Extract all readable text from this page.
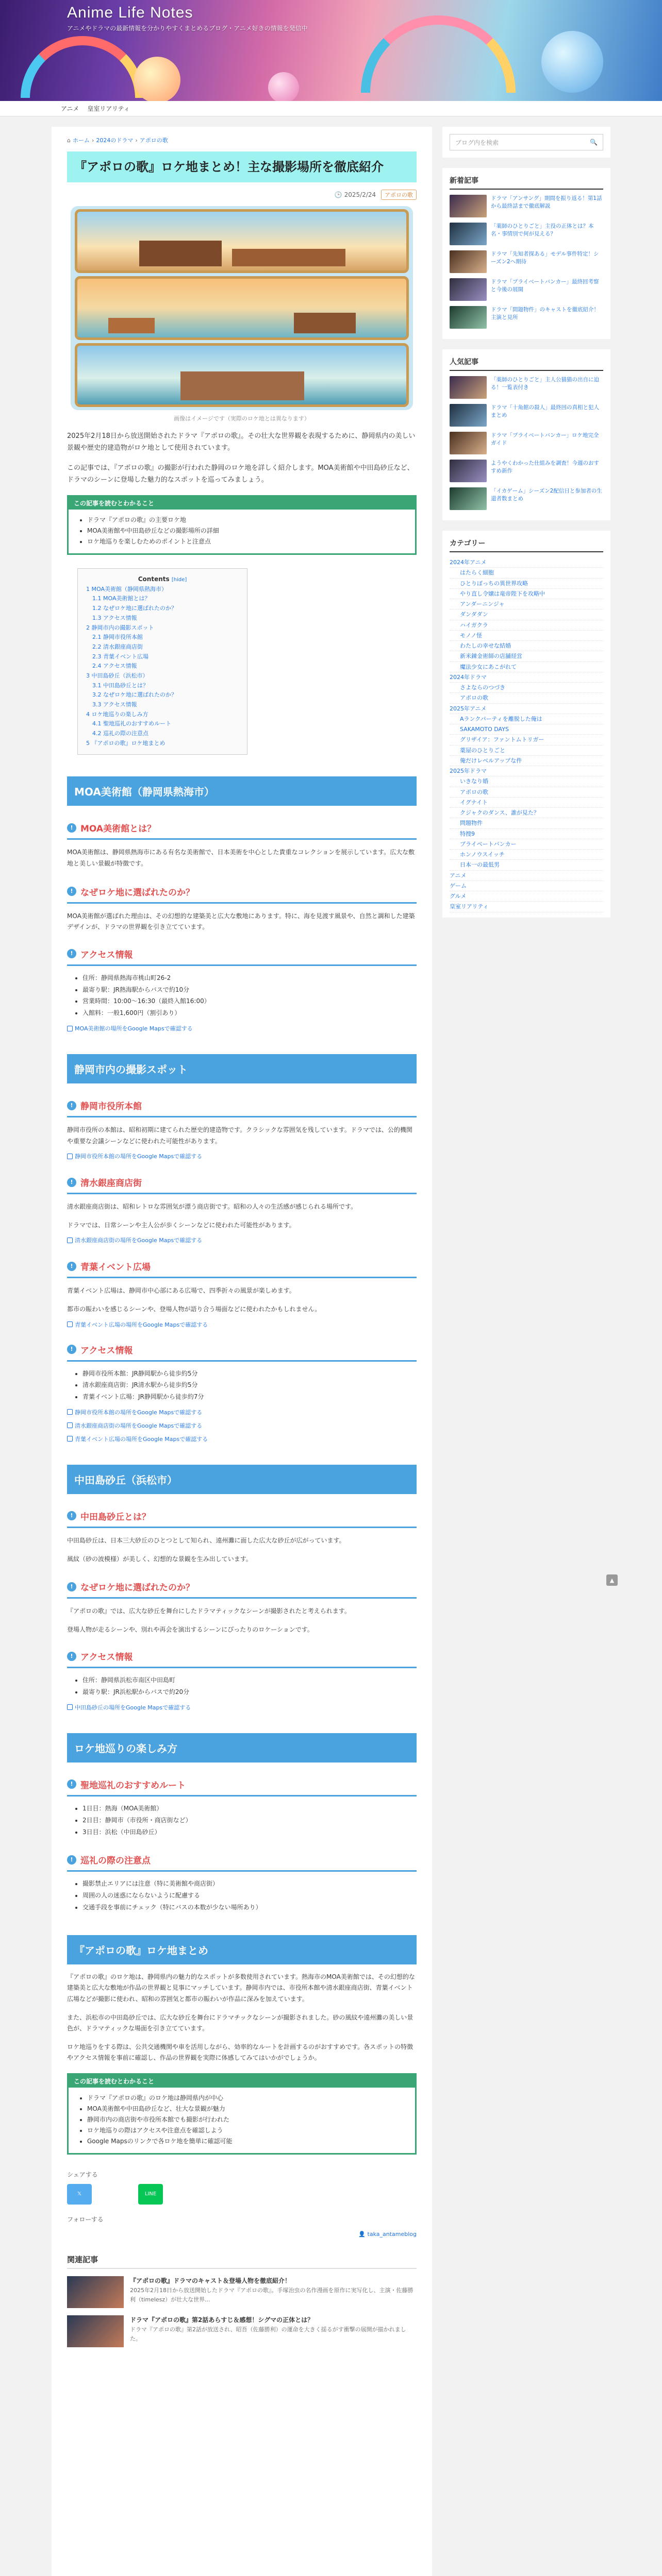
Anime Life Notes
アニメやドラマの最新情報を分かりやすくまとめるブログ・アニメ好きの情報を発信中
アニメ 皇室リアリティ
⌂ ホーム › 2024のドラマ › アポロの歌
『アポロの歌』ロケ地まとめ！主な撮影場所を徹底紹介
🕒 2025/2/24 アポロの歌
画像はイメージです（実際のロケ地とは異なります）

2025年2月18日から放送開始されたドラマ『アポロの歌』。その壮大な世界観を表現するために、静岡県内の美しい景観や歴史的建造物がロケ地として使用されています。

この記事では、『アポロの歌』の撮影が行われた静岡のロケ地を詳しく紹介します。MOA美術館や中田島砂丘など、ドラマのシーンに登場した魅力的なスポットを巡ってみましょう。

この記事を読むとわかること
• ドラマ『アポロの歌』の主要ロケ地
• MOA美術館や中田島砂丘などの撮影場所の詳細
• ロケ地巡りを楽しむためのポイントと注意点
Contents [hide]
1 MOA美術館（静岡県熱海市）
1.1 MOA美術館とは？
1.2 なぜロケ地に選ばれたのか？
1.3 アクセス情報
2 静岡市内の撮影スポット
2.1 静岡市役所本館
2.2 清水銀座商店街
2.3 青葉イベント広場
2.4 アクセス情報
3 中田島砂丘（浜松市）
3.1 中田島砂丘とは？
3.2 なぜロケ地に選ばれたのか？
3.3 アクセス情報
4 ロケ地巡りの楽しみ方
4.1 聖地巡礼のおすすめルート
4.2 巡礼の際の注意点
5 『アポロの歌』ロケ地まとめ
MOA美術館（静岡県熱海市）
! MOA美術館とは？

MOA美術館は、静岡県熱海市にある有名な美術館で、日本美術を中心とした貴重なコレクションを展示しています。広大な敷地と美しい景観が特徴です。

! なぜロケ地に選ばれたのか？

MOA美術館が選ばれた理由は、その幻想的な建築美と広大な敷地にあります。特に、海を見渡す風景や、自然と調和した建築デザインが、ドラマの世界観を引き立てています。

! アクセス情報
• 住所：静岡県熱海市桃山町26-2
• 最寄り駅：JR熱海駅からバスで約10分
• 営業時間：10:00〜16:30（最終入館16:00）
• 入館料：一般1,600円（割引あり）
MOA美術館の場所をGoogle Mapsで確認する
静岡市内の撮影スポット
! 静岡市役所本館

静岡市役所の本館は、昭和初期に建てられた歴史的建造物です。クラシックな雰囲気を残しています。ドラマでは、公的機関や重要な会議シーンなどに使われた可能性があります。

静岡市役所本館の場所をGoogle Mapsで確認する
! 清水銀座商店街

清水銀座商店街は、昭和レトロな雰囲気が漂う商店街です。昭和の人々の生活感が感じられる場所です。

ドラマでは、日常シーンや主人公が歩くシーンなどに使われた可能性があります。

清水銀座商店街の場所をGoogle Mapsで確認する
! 青葉イベント広場

青葉イベント広場は、静岡市中心部にある広場で、四季折々の風景が楽しめます。

都市の賑わいを感じるシーンや、登場人物が語り合う場面などに使われたかもしれません。

青葉イベント広場の場所をGoogle Mapsで確認する
! アクセス情報
• 静岡市役所本館：JR静岡駅から徒歩約5分
• 清水銀座商店街：JR清水駅から徒歩約5分
• 青葉イベント広場：JR静岡駅から徒歩約7分
静岡市役所本館の場所をGoogle Mapsで確認する
清水銀座商店街の場所をGoogle Mapsで確認する
青葉イベント広場の場所をGoogle Mapsで確認する
中田島砂丘（浜松市）
! 中田島砂丘とは？

中田島砂丘は、日本三大砂丘のひとつとして知られ、遠州灘に面した広大な砂丘が広がっています。

風紋（砂の波模様）が美しく、幻想的な景観を生み出しています。

! なぜロケ地に選ばれたのか？

『アポロの歌』では、広大な砂丘を舞台にしたドラマティックなシーンが撮影されたと考えられます。

登場人物が走るシーンや、別れや再会を演出するシーンにぴったりのロケーションです。

! アクセス情報
• 住所：静岡県浜松市南区中田島町
• 最寄り駅：JR浜松駅からバスで約20分
中田島砂丘の場所をGoogle Mapsで確認する
ロケ地巡りの楽しみ方
! 聖地巡礼のおすすめルート
• 1日目：熱海（MOA美術館）
• 2日目：静岡市（市役所・商店街など）
• 3日目：浜松（中田島砂丘）
! 巡礼の際の注意点
• 撮影禁止エリアには注意（特に美術館や商店街）
• 周囲の人の迷惑にならないように配慮する
• 交通手段を事前にチェック（特にバスの本数が少ない場所あり）
『アポロの歌』ロケ地まとめ

『アポロの歌』のロケ地は、静岡県内の魅力的なスポットが多数使用されています。熱海市のMOA美術館では、その幻想的な建築美と広大な敷地が作品の世界観と見事にマッチしています。静岡市内では、市役所本館や清水銀座商店街、青葉イベント広場などが撮影に使われ、昭和の雰囲気と都市の賑わいが作品に深みを加えています。

また、浜松市の中田島砂丘では、広大な砂丘を舞台にドラマチックなシーンが撮影されました。砂の風紋や遠州灘の美しい景色が、ドラマティックな場面を引き立てています。

ロケ地巡りをする際は、公共交通機関や車を活用しながら、効率的なルートを計画するのがおすすめです。各スポットの特徴やアクセス情報を事前に確認し、作品の世界観を実際に体感してみてはいかがでしょうか。

この記事を読むとわかること
• ドラマ『アポロの歌』のロケ地は静岡県内が中心
• MOA美術館や中田島砂丘など、壮大な景観が魅力
• 静岡市内の商店街や市役所本館でも撮影が行われた
• ロケ地巡りの際はアクセスや注意点を確認しよう
• Google Mapsのリンクで各ロケ地を簡単に確認可能
シェアする
𝕏	LINE
フォローする
👤 taka_antameblog
関連記事
『アポロの歌』ドラマのキャスト＆登場人物を徹底紹介！
2025年2月18日から放送開始したドラマ『アポロの歌』。手塚治虫の名作漫画を原作に実写化し、主演・佐藤勝利（timelesz）が壮大な世界...
ドラマ『アポロの歌』第2話あらすじ＆感想！シグマの正体とは？
ドラマ『アポロの歌』第2話が放送され、昭吾（佐藤勝利）の運命を大きく揺るがす衝撃の展開が描かれました。
ブログ内を検索	🔍
新着記事
ドラマ「アンサング」期間を振り返る！第1話から最終話まで徹底解説
「薬師のひとりごと」主役の正体とは？本名・事情別で何が見える？
ドラマ「先知者探ある」モデル事件特定！シーズン2へ期待
ドラマ「プライベートバンカー」最終回考察と今後の展開
ドラマ「問題物件」のキャストを徹底紹介！主演と見所
人気記事
「薬師のひとりごと」主人公猫猫の出自に迫る！一覧表付き
ドラマ「十角館の殺人」最終回の真相と犯人まとめ
ドラマ「プライベートバンカー」ロケ地完全ガイド
ようやくわかった仕組みを調査！今週のおすすめ新作
「イカゲーム」シーズン2配信日と参加者の生還者数まとめ
カテゴリー
2024年アニメ
はたらく細胞
ひとりぼっちの異世界攻略
やり直し令嬢は竜帝陛下を攻略中
アンダーニンジャ
ダンダダン
ハイガクラ
モノノ怪
わたしの幸せな結婚
新米錬金術師の店舗経営
魔法少女にあこがれて
2024年ドラマ
さよならのつづき
アポロの歌
2025年アニメ
Aランクパーティを離脱した俺は
SAKAMOTO DAYS
グリザイア：ファントムトリガー
薬屋のひとりごと
俺だけレベルアップな件
2025年ドラマ
いきなり婚
アポロの歌
イグナイト
クジャクのダンス、誰が見た？
問題物件
特捜9
プライベートバンカー
ホンノウスイッチ
日本一の最低男
アニメ
ゲーム
グルメ
皇室リアリティ
▲
